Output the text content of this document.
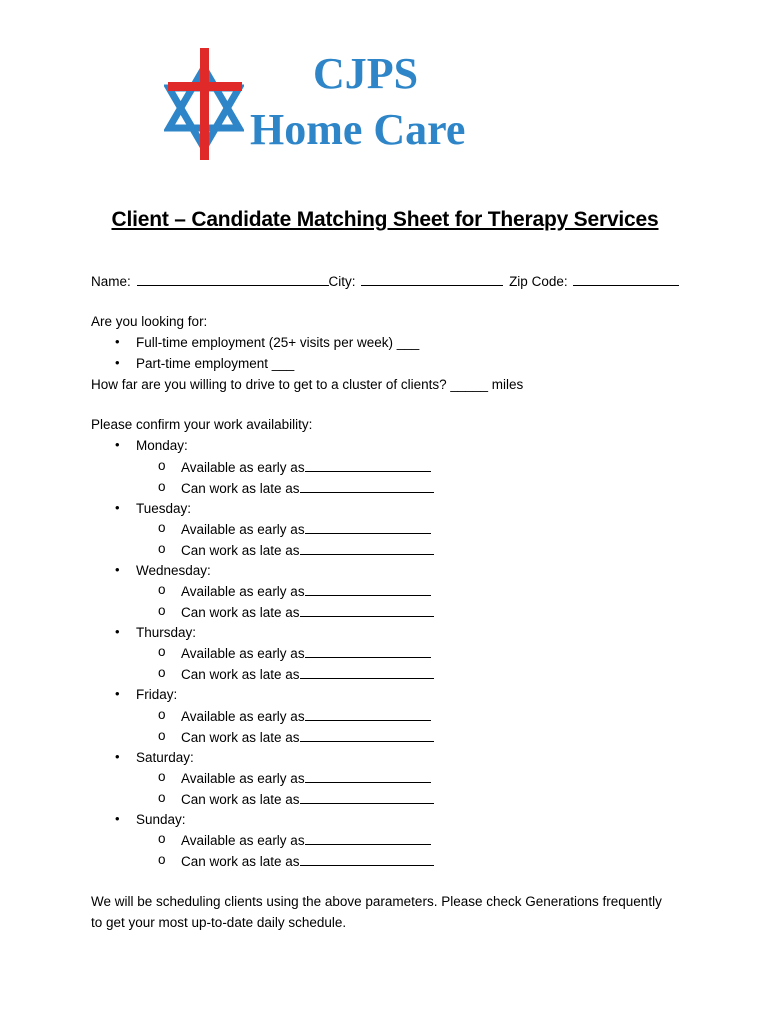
CJPS
Home Care
Client – Candidate Matching Sheet for Therapy Services
Name:	City:	Zip Code:
Are you looking for:
• Full-time employment (25+ visits per week) ___
• Part-time employment ___
How far are you willing to drive to get to a cluster of clients? _____ miles
Please confirm your work availability:
• Monday:
o Available as early as
o Can work as late as
• Tuesday:
o Available as early as
o Can work as late as
• Wednesday:
o Available as early as
o Can work as late as
• Thursday:
o Available as early as
o Can work as late as
• Friday:
o Available as early as
o Can work as late as
• Saturday:
o Available as early as
o Can work as late as
• Sunday:
o Available as early as
o Can work as late as
We will be scheduling clients using the above parameters. Please check Generations frequently
to get your most up-to-date daily schedule.
